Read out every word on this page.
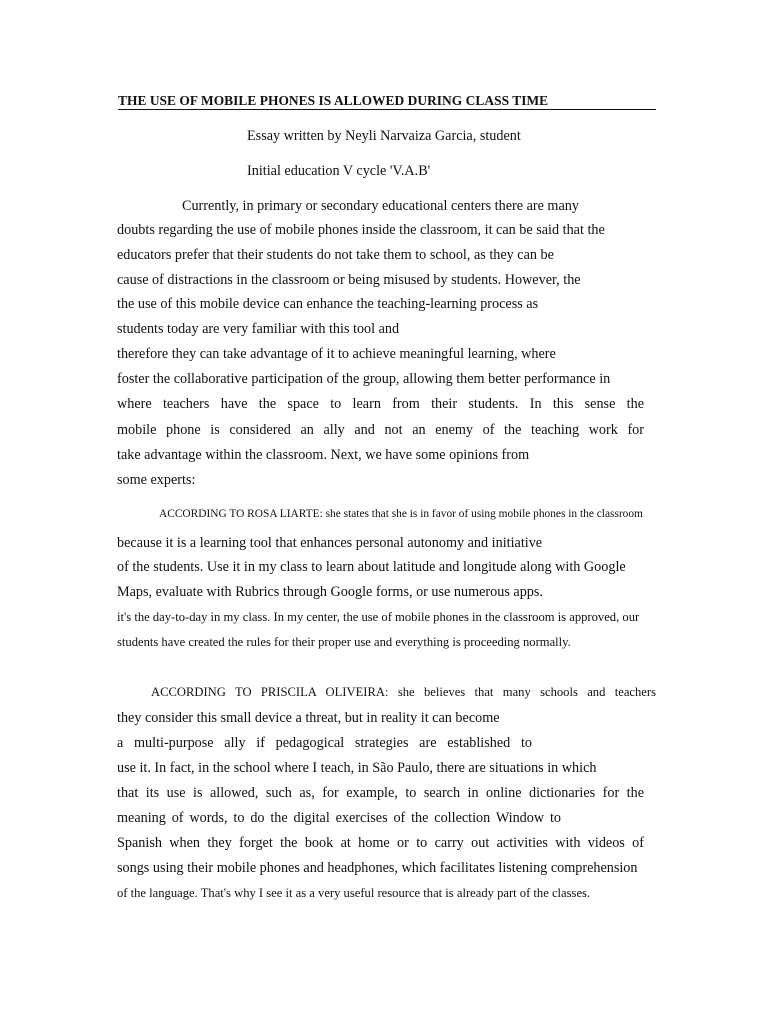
THE USE OF MOBILE PHONES IS ALLOWED DURING CLASS TIME
Essay written by Neyli Narvaiza Garcia, student
Initial education V cycle 'V.A.B'
Currently, in primary or secondary educational centers there are many
doubts regarding the use of mobile phones inside the classroom, it can be said that the
educators prefer that their students do not take them to school, as they can be
cause of distractions in the classroom or being misused by students. However, the
the use of this mobile device can enhance the teaching-learning process as
students today are very familiar with this tool and
therefore they can take advantage of it to achieve meaningful learning, where
foster the collaborative participation of the group, allowing them better performance in
where teachers have the space to learn from their students. In this sense the
mobile phone is considered an ally and not an enemy of the teaching work for
take advantage within the classroom. Next, we have some opinions from
some experts:
ACCORDING TO ROSA LIARTE: she states that she is in favor of using mobile phones in the classroom
because it is a learning tool that enhances personal autonomy and initiative
of the students. Use it in my class to learn about latitude and longitude along with Google
Maps, evaluate with Rubrics through Google forms, or use numerous apps.
it's the day-to-day in my class. In my center, the use of mobile phones in the classroom is approved, our
students have created the rules for their proper use and everything is proceeding normally.
ACCORDING TO PRISCILA OLIVEIRA: she believes that many schools and teachers
they consider this small device a threat, but in reality it can become
a multi-purpose ally if pedagogical strategies are established to
use it. In fact, in the school where I teach, in São Paulo, there are situations in which
that its use is allowed, such as, for example, to search in online dictionaries for the
meaning of words, to do the digital exercises of the collection Window to
Spanish when they forget the book at home or to carry out activities with videos of
songs using their mobile phones and headphones, which facilitates listening comprehension
of the language. That's why I see it as a very useful resource that is already part of the classes.
